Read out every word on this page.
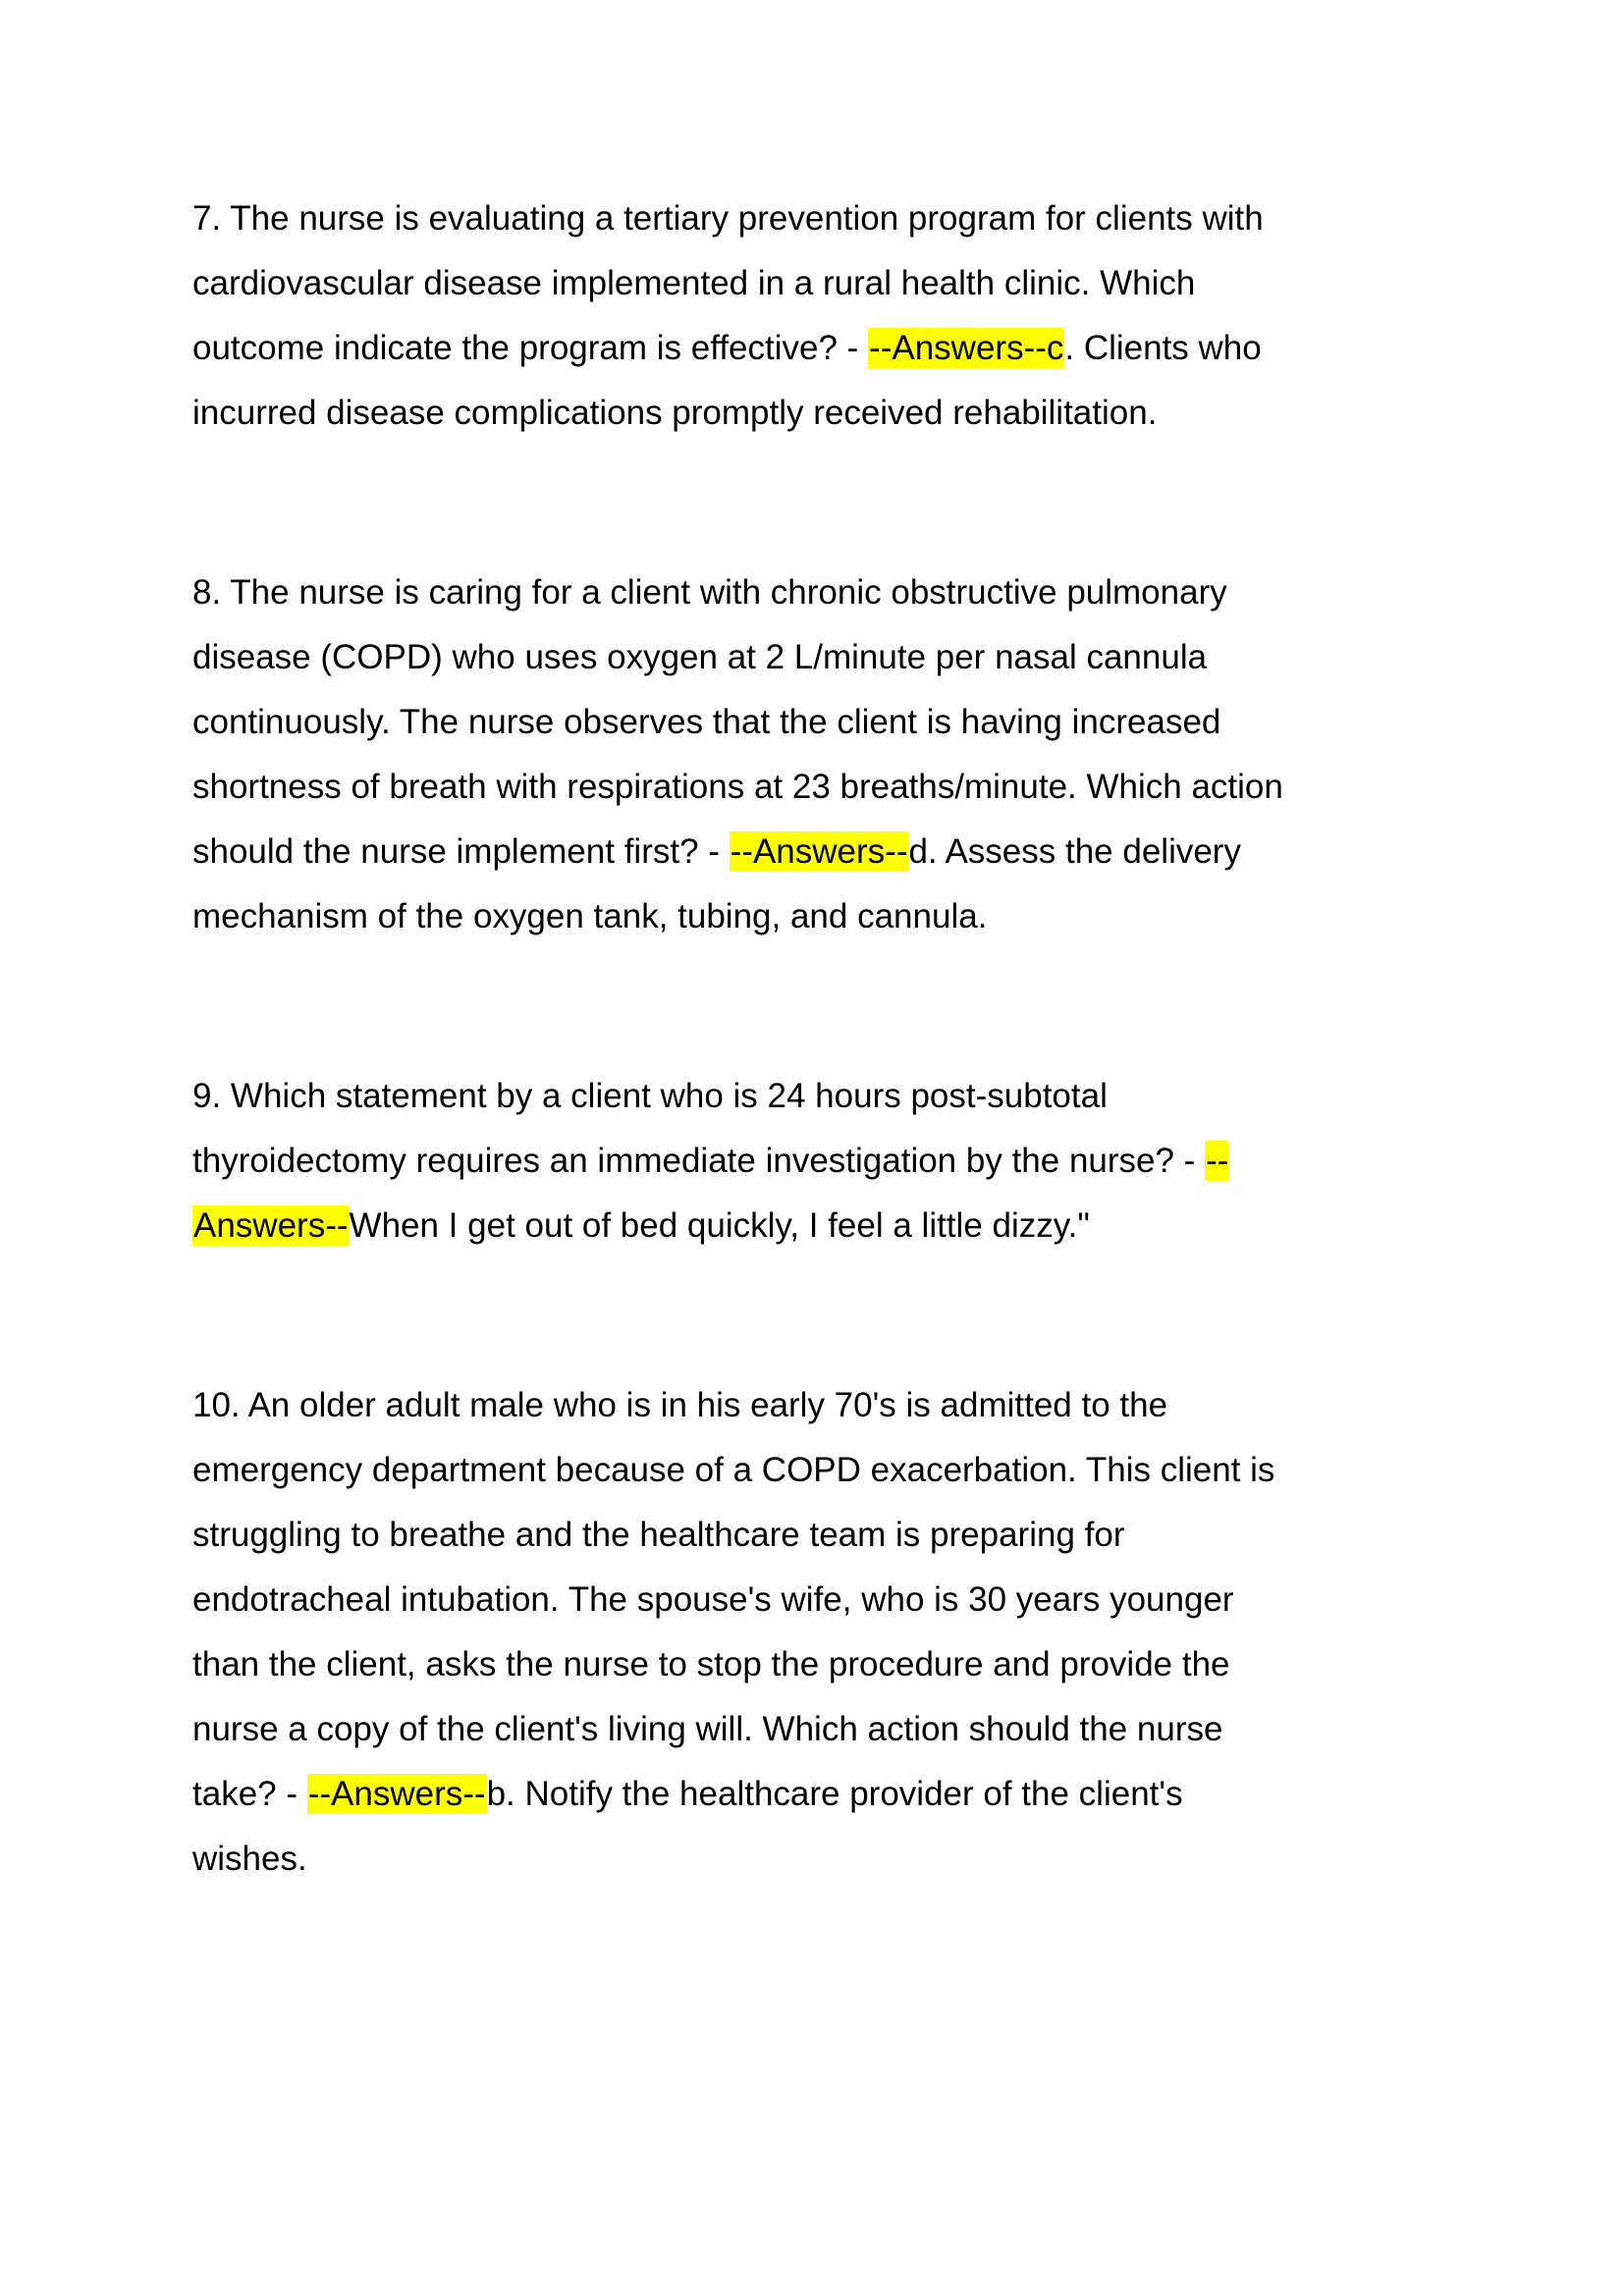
7. The nurse is evaluating a tertiary prevention program for clients with
cardiovascular disease implemented in a rural health clinic. Which
outcome indicate the program is effective? - --Answers--c. Clients who
incurred disease complications promptly received rehabilitation.
8. The nurse is caring for a client with chronic obstructive pulmonary
disease (COPD) who uses oxygen at 2 L/minute per nasal cannula
continuously. The nurse observes that the client is having increased
shortness of breath with respirations at 23 breaths/minute. Which action
should the nurse implement first? - --Answers--d. Assess the delivery
mechanism of the oxygen tank, tubing, and cannula.
9. Which statement by a client who is 24 hours post-subtotal
thyroidectomy requires an immediate investigation by the nurse? - --
Answers--When I get out of bed quickly, I feel a little dizzy."
10. An older adult male who is in his early 70's is admitted to the
emergency department because of a COPD exacerbation. This client is
struggling to breathe and the healthcare team is preparing for
endotracheal intubation. The spouse's wife, who is 30 years younger
than the client, asks the nurse to stop the procedure and provide the
nurse a copy of the client's living will. Which action should the nurse
take? - --Answers--b. Notify the healthcare provider of the client's
wishes.
